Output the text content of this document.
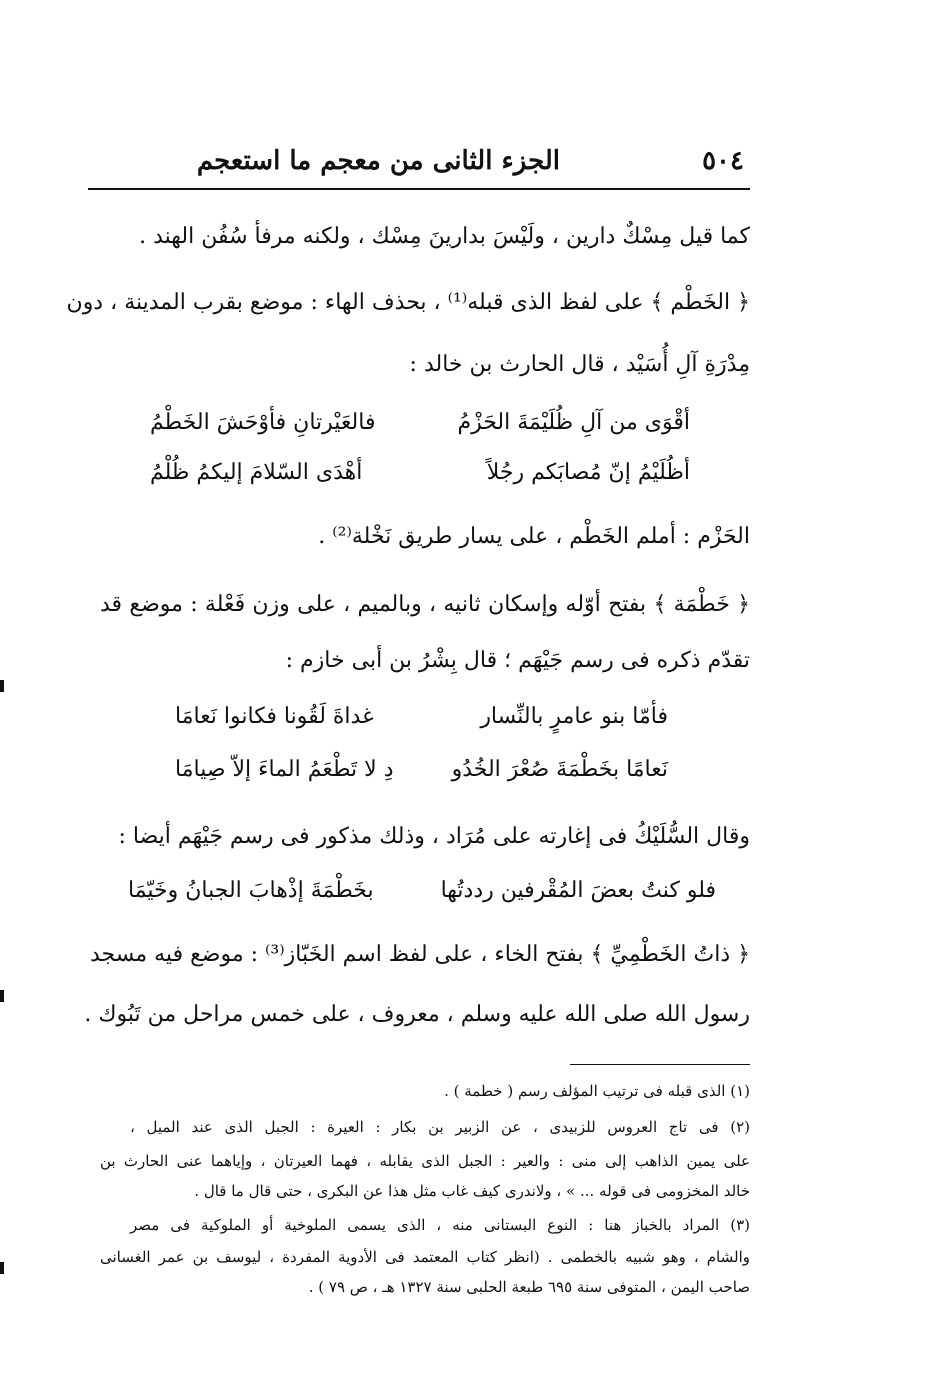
٥٠٤
الجزء الثانى من معجم ما استعجم
كما قيل مِسْكٌ دارين ، ولَيْسَ بدارينَ مِسْك ، ولكنه مرفأ سُفُن الهند .
﴿ الخَطْم ﴾ على لفظ الذى قبله⁽¹⁾ ، بحذف الهاء : موضع بقرب المدينة ، دون
مِدْرَةِ آلِ أُسَيْد ، قال الحارث بن خالد :
أقْوَى من آلِ ظُلَيْمَةَ الحَزْمُ
فالعَيْرتانِ فأوْحَشَ الخَطْمُ
أظُلَيْمُ إنّ مُصابَكم رجُلاً
أهْدَى السّلامَ إليكمُ ظُلْمُ
الحَزْم : أملم الخَطْم ، على يسار طريق نَخْلة⁽²⁾ .
﴿ خَطْمَة ﴾ بفتح أوّله وإسكان ثانيه ، وبالميم ، على وزن فَعْلة : موضع قد
تقدّم ذكره فى رسم جَيْهَم ؛ قال بِشْرُ بن أبى خازم :
فأمّا بنو عامرٍ بالنِّسار
غداةَ لَقُونا فكانوا نَعامَا
نَعامًا بخَطْمَةَ صُعْرَ الخُدُو
دِ لا تَطْعَمُ الماءَ إلاّ صِيامَا
وقال السُّلَيْكُ فى إغارته على مُرَاد ، وذلك مذكور فى رسم جَيْهَم أيضا :
فلو كنتُ بعضَ المُقْرفين رددتُها
بخَطْمَةَ إذْهابَ الجبانُ وخَيّمَا
﴿ ذاتُ الخَطْمِيِّ ﴾ بفتح الخاء ، على لفظ اسم الخَبّاز⁽³⁾ : موضع فيه مسجد
رسول الله صلى الله عليه وسلم ، معروف ، على خمس مراحل من تَبُوك .
(١) الذى قبله فى ترتيب المؤلف رسم ( خطمة ) .
(٢) فى تاج العروس للزبيدى ، عن الزبير بن بكار : العيرة : الجبل الذى عند الميل ،
على يمين الذاهب إلى منى : والعير : الجبل الذى يقابله ، فهما العيرتان ، وإياهما عنى الحارث بن
خالد المخزومى فى قوله ... » ، ولاندرى كيف غاب مثل هذا عن البكرى ، حتى قال ما قال .
(٣) المراد بالخباز هنا : النوع البستانى منه ، الذى يسمى الملوخية أو الملوكية فى مصر
والشام ، وهو شبيه بالخطمى . (انظر كتاب المعتمد فى الأدوية المفردة ، ليوسف بن عمر الغسانى
صاحب اليمن ، المتوفى سنة ٦٩٥ طبعة الحلبى سنة ١٣٢٧ هـ ، ص ٧٩ ) .
